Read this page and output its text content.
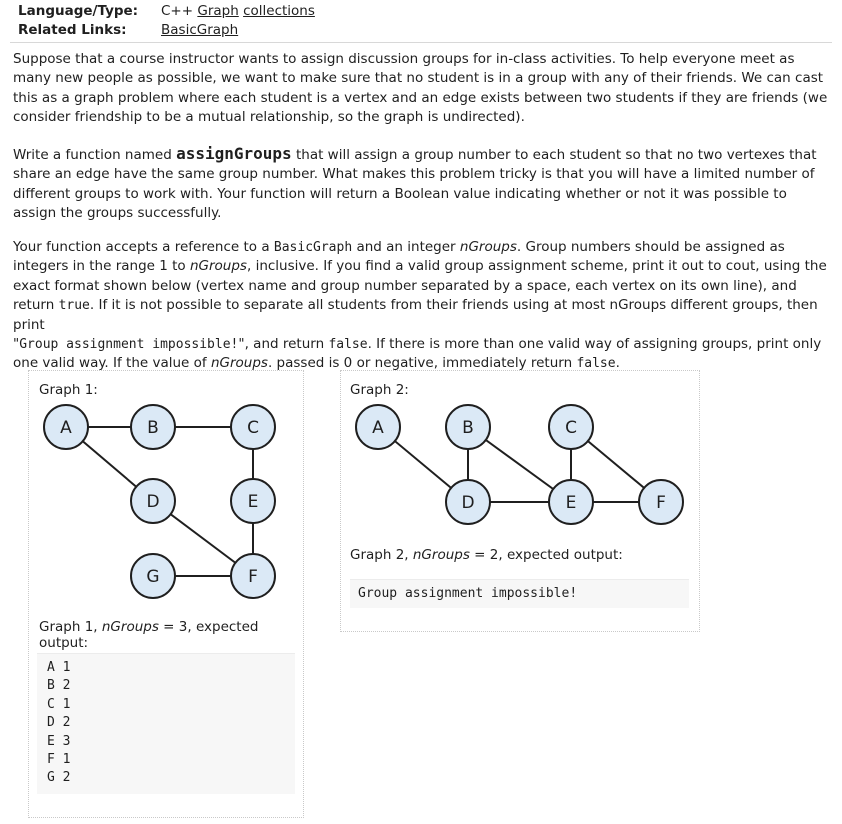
Language/Type:	C++ Graph collections
Related Links:	BasicGraph

Suppose that a course instructor wants to assign discussion groups for in-class activities. To help everyone meet as many new people as possible, we want to make sure that no student is in a group with any of their friends. We can cast this as a graph problem where each student is a vertex and an edge exists between two students if they are friends (we consider friendship to be a mutual relationship, so the graph is undirected).

Write a function named assignGroups that will assign a group number to each student so that no two vertexes that share an edge have the same group number. What makes this problem tricky is that you will have a limited number of different groups to work with. Your function will return a Boolean value indicating whether or not it was possible to assign the groups successfully.

Your function accepts a reference to a BasicGraph and an integer nGroups. Group numbers should be assigned as integers in the range 1 to nGroups, inclusive. If you find a valid group assignment scheme, print it out to cout, using the exact format shown below (vertex name and group number separated by a space, each vertex on its own line), and return true. If it is not possible to separate all students from their friends using at most nGroups different groups, then print
"Group assignment impossible!", and return false. If there is more than one valid way of assigning groups, print only one valid way. If the value of nGroups. passed is 0 or negative, immediately return false.

Graph 1:
A	B	C
D	E
G	F
Graph 1, nGroups = 3, expected output:
A 1
B 2
C 1
D 2
E 3
F 1
G 2
Graph 2:
A	B	C
D	E	F
Graph 2, nGroups = 2, expected output:
Group assignment impossible!
